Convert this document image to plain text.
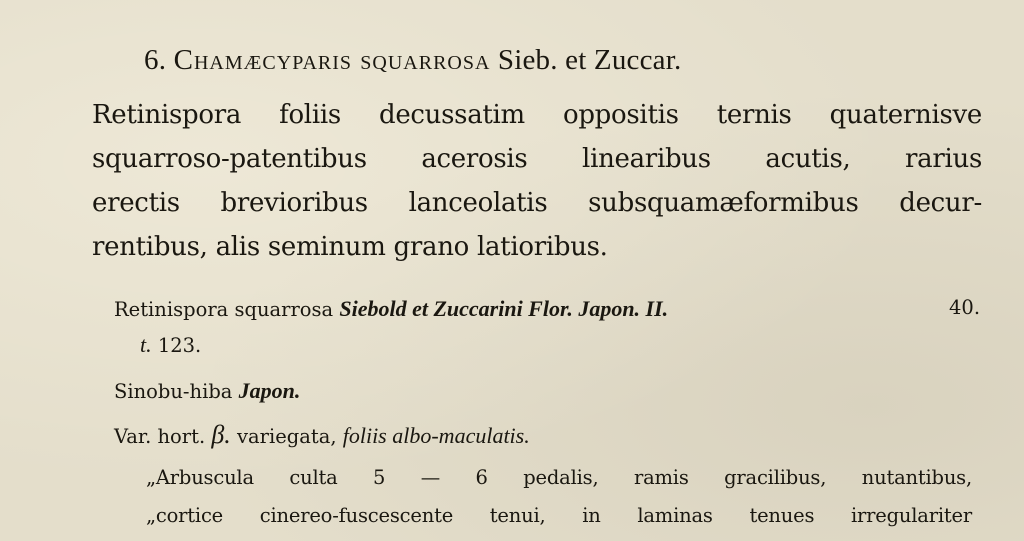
6. Chamæcyparis squarrosa Sieb. et Zuccar.
Retinispora foliis decussatim oppositis ternis quaternisve
squarroso-patentibus acerosis linearibus acutis, rarius
erectis brevioribus lanceolatis subsquamæformibus decur-
rentibus, alis seminum grano latioribus.
Retinispora squarrosa Siebold et Zuccarini Flor. Japon. II.	40.
t. 123.
Sinobu-hiba Japon.
Var. hort. β. variegata, foliis albo-maculatis.
„Arbuscula culta 5 — 6 pedalis, ramis gracilibus, nutantibus,
„cortice cinereo-fuscescente tenui, in laminas tenues irregulariter
